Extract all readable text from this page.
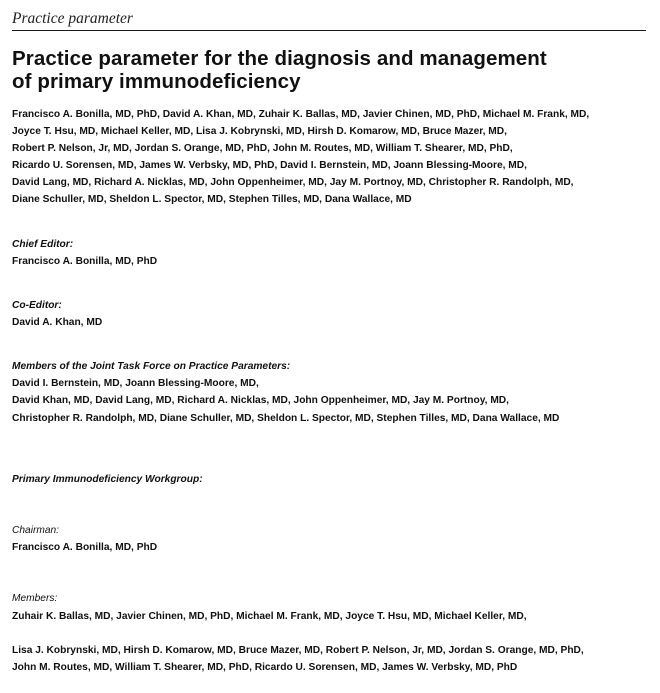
Practice parameter
Practice parameter for the diagnosis and management
of primary immunodeficiency
Francisco A. Bonilla, MD, PhD, David A. Khan, MD, Zuhair K. Ballas, MD, Javier Chinen, MD, PhD, Michael M. Frank, MD,
Joyce T. Hsu, MD, Michael Keller, MD, Lisa J. Kobrynski, MD, Hirsh D. Komarow, MD, Bruce Mazer, MD,
Robert P. Nelson, Jr, MD, Jordan S. Orange, MD, PhD, John M. Routes, MD, William T. Shearer, MD, PhD,
Ricardo U. Sorensen, MD, James W. Verbsky, MD, PhD, David I. Bernstein, MD, Joann Blessing-Moore, MD,
David Lang, MD, Richard A. Nicklas, MD, John Oppenheimer, MD, Jay M. Portnoy, MD, Christopher R. Randolph, MD,
Diane Schuller, MD, Sheldon L. Spector, MD, Stephen Tilles, MD, Dana Wallace, MD

Chief Editor:
Francisco A. Bonilla, MD, PhD

Co-Editor:
David A. Khan, MD

Members of the Joint Task Force on Practice Parameters:
David I. Bernstein, MD, Joann Blessing-Moore, MD,

David Khan, MD, David Lang, MD, Richard A. Nicklas, MD, John Oppenheimer, MD, Jay M. Portnoy, MD,
Christopher R. Randolph, MD, Diane Schuller, MD, Sheldon L. Spector, MD, Stephen Tilles, MD, Dana Wallace, MD

Primary Immunodeficiency Workgroup:

Chairman:
Francisco A. Bonilla, MD, PhD

Members:
Zuhair K. Ballas, MD, Javier Chinen, MD, PhD, Michael M. Frank, MD, Joyce T. Hsu, MD, Michael Keller, MD,

Lisa J. Kobrynski, MD, Hirsh D. Komarow, MD, Bruce Mazer, MD, Robert P. Nelson, Jr, MD, Jordan S. Orange, MD, PhD,
John M. Routes, MD, William T. Shearer, MD, PhD, Ricardo U. Sorensen, MD, James W. Verbsky, MD, PhD
